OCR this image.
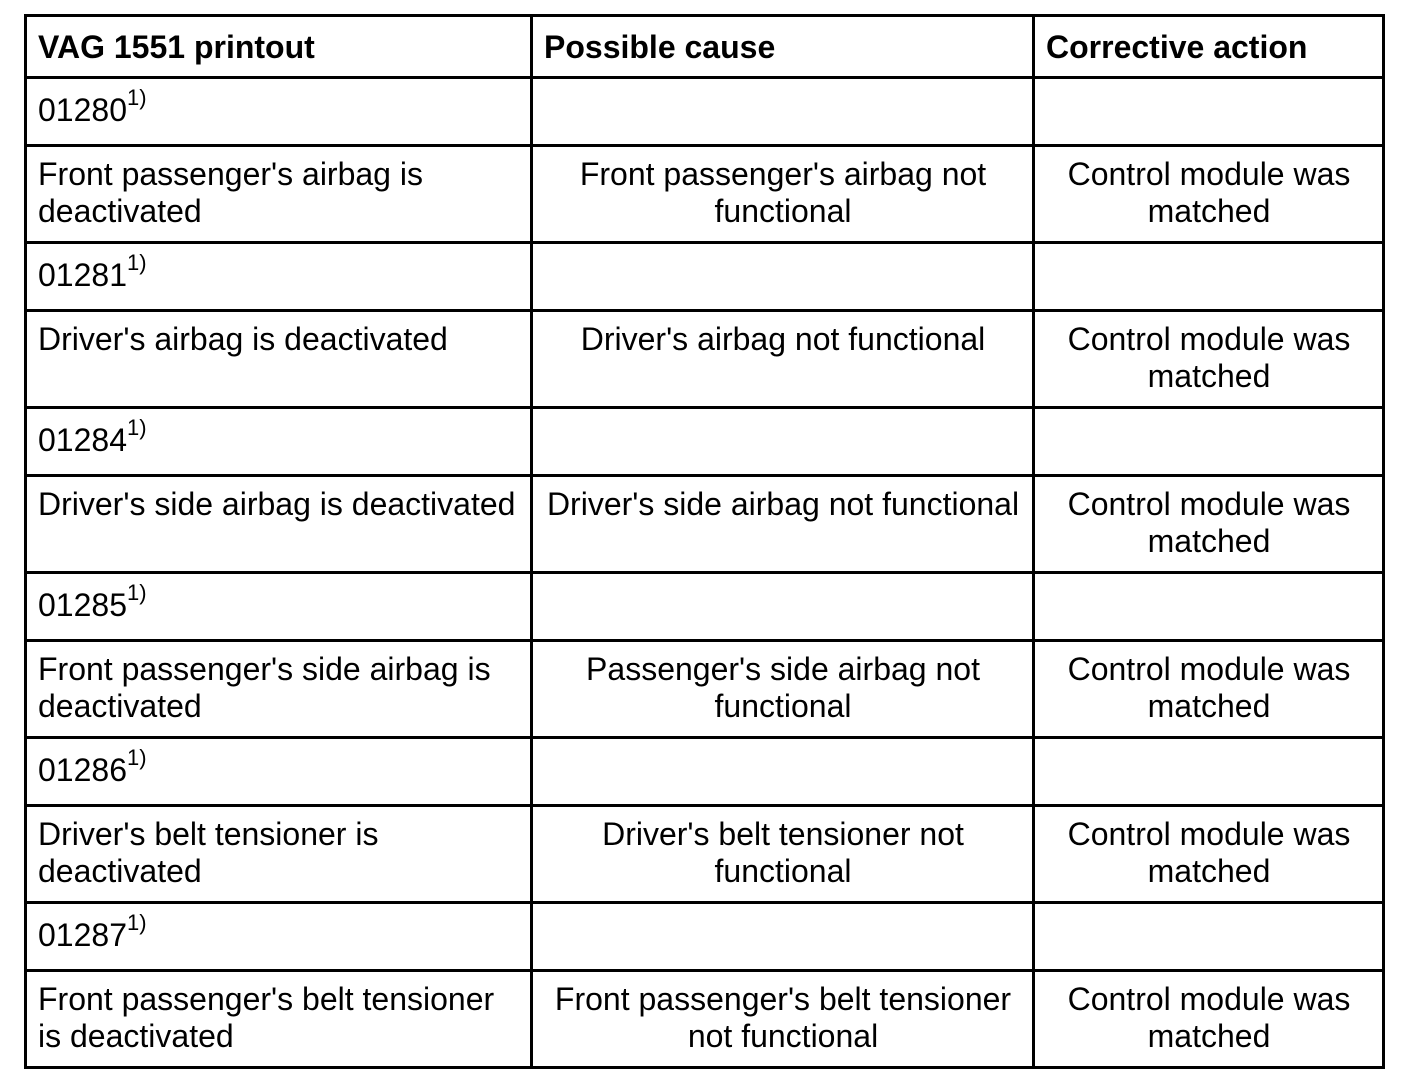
VAG 1551 printout	Possible cause	Corrective action
01280$^{1)}$		
Front passenger's airbag is deactivated	Front passenger's airbag not functional	Control module was matched
01281$^{1)}$		
Driver's airbag is deactivated	Driver's airbag not functional	Control module was matched
01284$^{1)}$		
Driver's side airbag is deactivated	Driver's side airbag not functional	Control module was matched
01285$^{1)}$		
Front passenger's side airbag is deactivated	Passenger's side airbag not functional	Control module was matched
01286$^{1)}$		
Driver's belt tensioner is deactivated	Driver's belt tensioner not functional	Control module was matched
01287$^{1)}$		
Front passenger's belt tensioner is deactivated	Front passenger's belt tensioner not functional	Control module was matched
